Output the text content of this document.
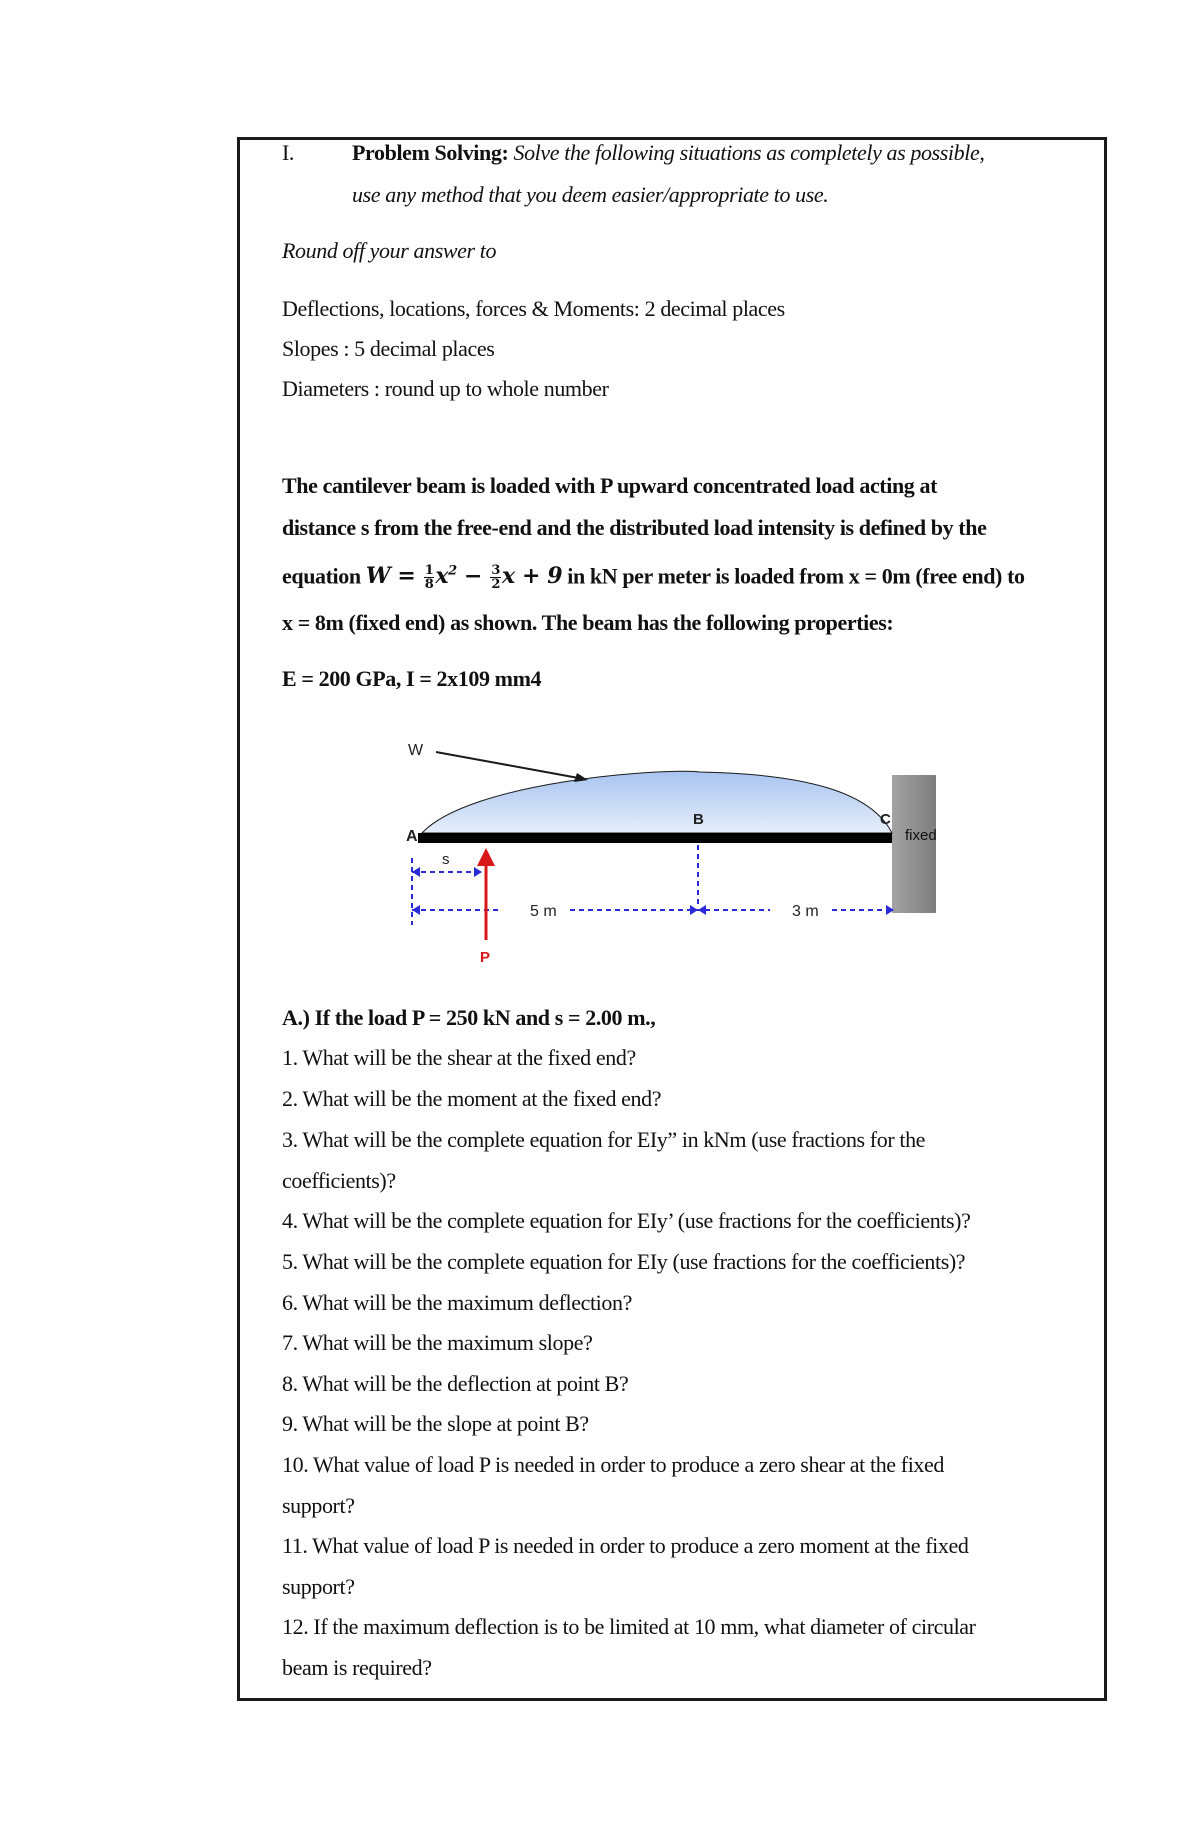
I.	Problem Solving: Solve the following situations as completely as possible,
use any method that you deem easier/appropriate to use.
Round off your answer to
Deflections, locations, forces & Moments: 2 decimal places
Slopes : 5 decimal places
Diameters : round up to whole number
The cantilever beam is loaded with P upward concentrated load acting at
distance s from the free-end and the distributed load intensity is defined by the
equation $W = \frac{1}{8} x^2 - \frac{3}{2}$ x + 9 in kN per meter is loaded from x = 0m (free end) to
x = 8m (fixed end) as shown. The beam has the following properties:
E = 200 GPa, I = 2x109 mm4
W
A
B	C
fixed
s
5 m	3 m
P
A.) If the load P = 250 kN and s = 2.00 m.,
1. What will be the shear at the fixed end?
2. What will be the moment at the fixed end?
3. What will be the complete equation for EIy” in kNm (use fractions for the
coefficients)?
4. What will be the complete equation for EIy’ (use fractions for the coefficients)?
5. What will be the complete equation for EIy (use fractions for the coefficients)?
6. What will be the maximum deflection?
7. What will be the maximum slope?
8. What will be the deflection at point B?
9. What will be the slope at point B?
10. What value of load P is needed in order to produce a zero shear at the fixed
support?
11. What value of load P is needed in order to produce a zero moment at the fixed
support?
12. If the maximum deflection is to be limited at 10 mm, what diameter of circular
beam is required?
